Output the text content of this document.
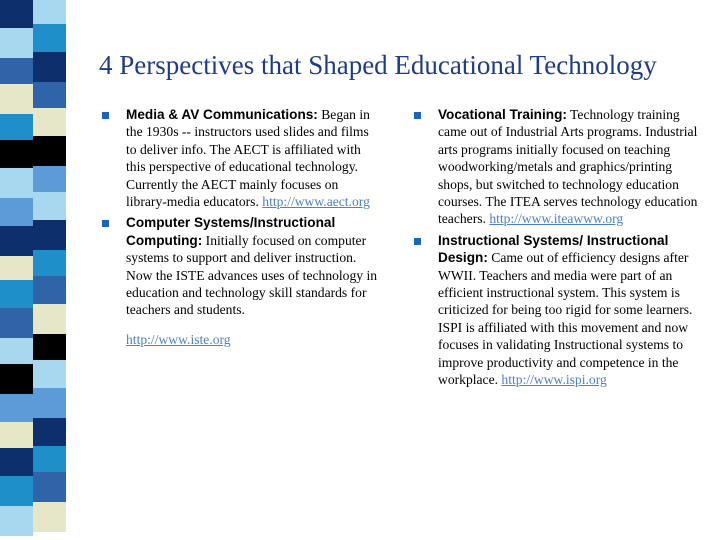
4 Perspectives that Shaped Educational Technology
Media & AV Communications: Began in the 1930s -- instructors used slides and films to deliver info. The AECT is affiliated with this perspective of educational technology. Currently the AECT mainly focuses on library-media educators. http://www.aect.org
Computer Systems/Instructional Computing: Initially focused on computer systems to support and deliver instruction. Now the ISTE advances uses of technology in education and technology skill standards for teachers and students.
http://www.iste.org
Vocational Training: Technology training came out of Industrial Arts programs. Industrial arts programs initially focused on teaching woodworking/metals and graphics/printing shops, but switched to technology education courses. The ITEA serves technology education teachers. http://www.iteawww.org
Instructional Systems/ Instructional Design: Came out of efficiency designs after WWII. Teachers and media were part of an efficient instructional system. This system is criticized for being too rigid for some learners. ISPI is affiliated with this movement and now focuses in validating Instructional systems to improve productivity and competence in the workplace. http://www.ispi.org
